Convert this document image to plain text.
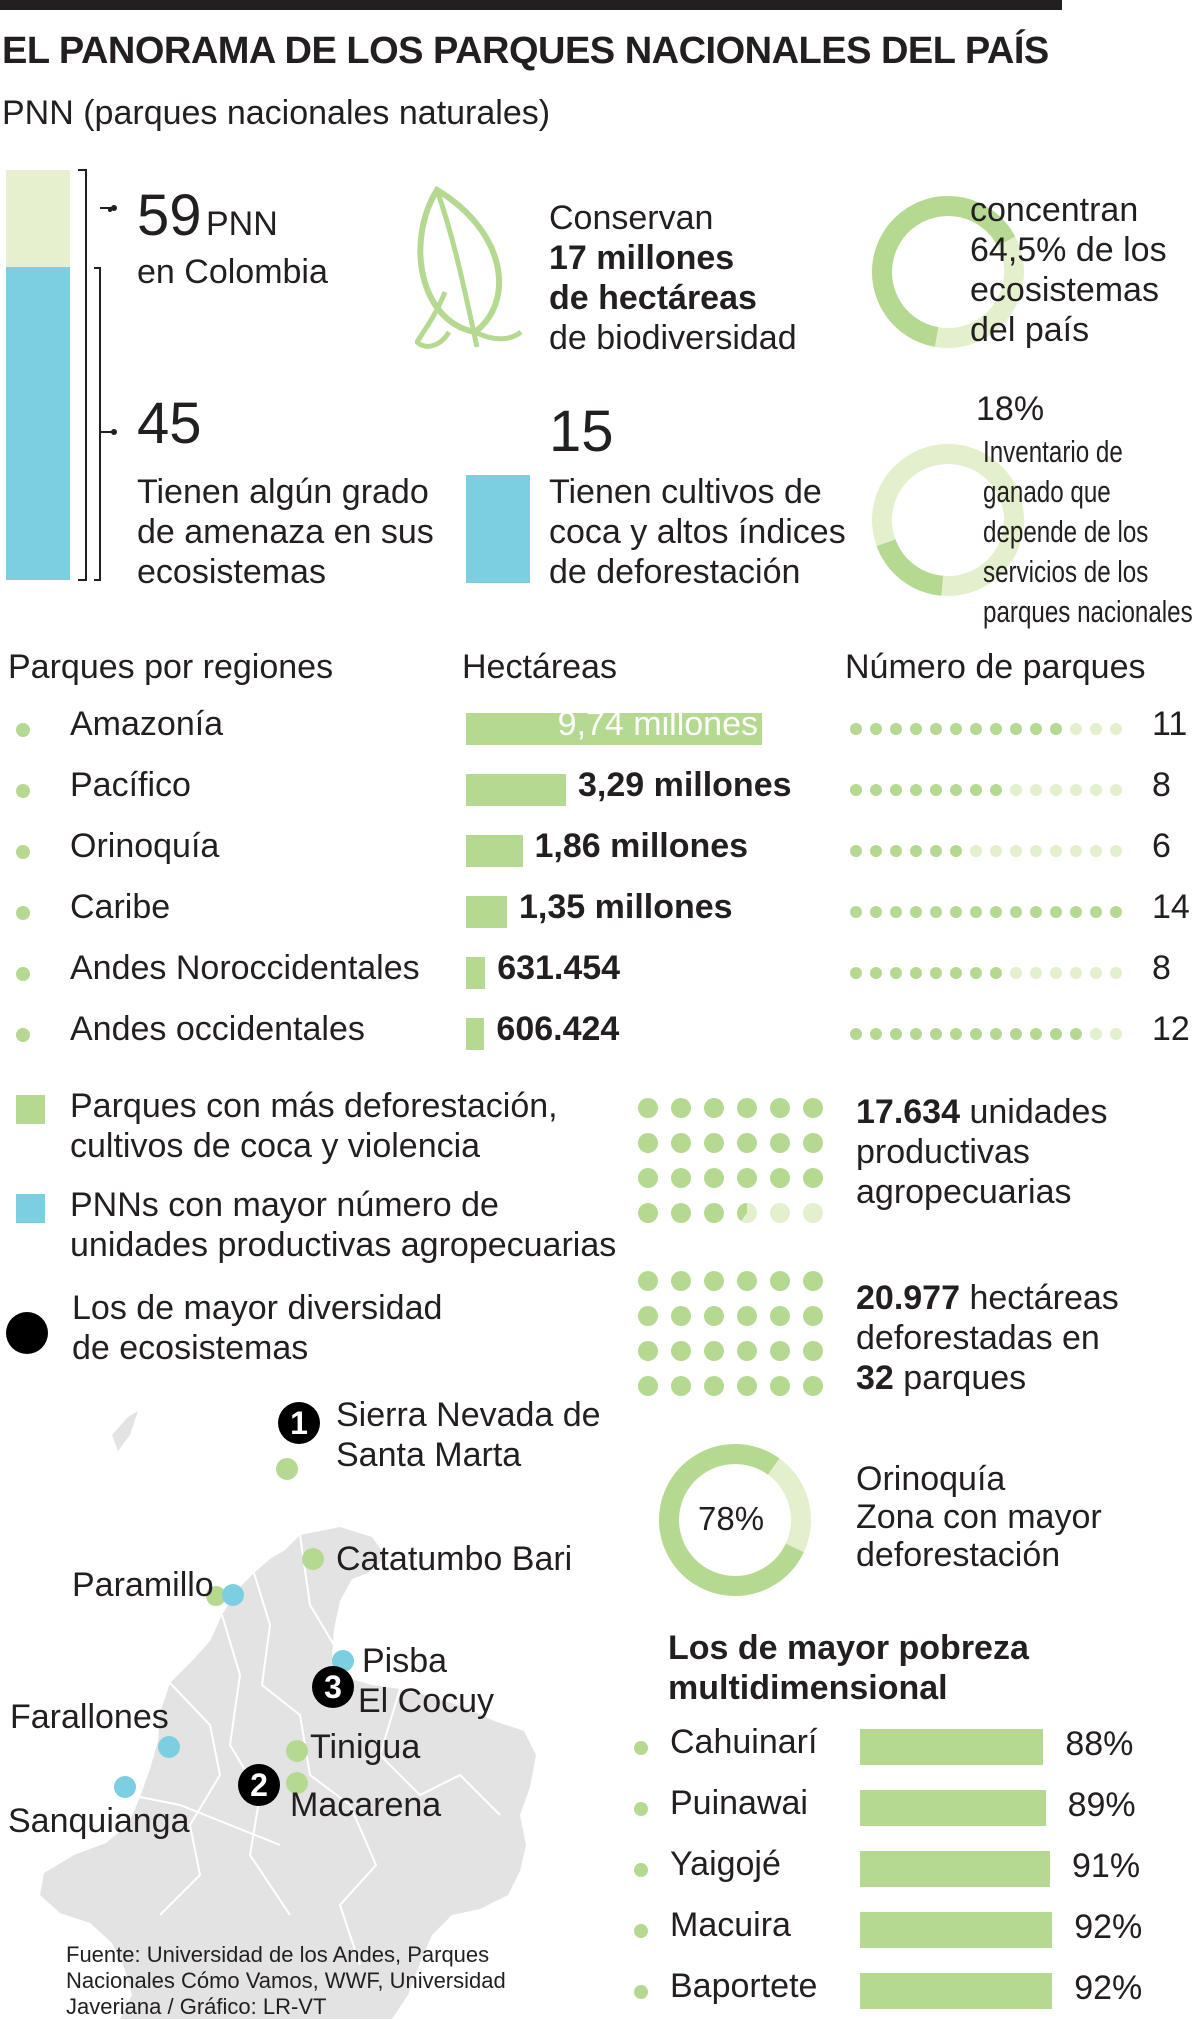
EL PANORAMA DE LOS PARQUES NACIONALES DEL PAÍS
PNN (parques nacionales naturales)
59 PNN
en Colombia
45
Tienen algún grado
de amenaza en sus
ecosistemas
Conservan
17 millones
de hectáreas
de biodiversidad
15
Tienen cultivos de
coca y altos índices
de deforestación
concentran
64,5% de los
ecosistemas
del país
18%
Inventario de
ganado que
depende de los
servicios de los
parques nacionales
Parques por regiones	Hectáreas	Número de parques
Amazonía	9,74 millones	11
Pacífico	3,29 millones	8
Orinoquía	1,86 millones	6
Caribe	1,35 millones	14
Andes Noroccidentales 631.454	8
Andes occidentales	606.424	12
Parques con más deforestación,
cultivos de coca y violencia
PNNs con mayor número de
unidades productivas agropecuarias
Los de mayor diversidad
de ecosistemas
17.634 unidades
productivas
agropecuarias
20.977 hectáreas
deforestadas en
32 parques
78%
Orinoquía
Zona con mayor
deforestación
1
3
2
Sierra Nevada de
Santa Marta
Catatumbo Bari
Paramillo
Pisba
El Cocuy
Farallones
Tinigua
Sanquianga	Macarena
Fuente: Universidad de los Andes, Parques
Nacionales Cómo Vamos, WWF, Universidad
Javeriana / Gráfico: LR-VT
Los de mayor pobreza
multidimensional
Cahuinarí	88%
Puinawai	89%
Yaigojé	91%
Macuira	92%
Baportete	92%
